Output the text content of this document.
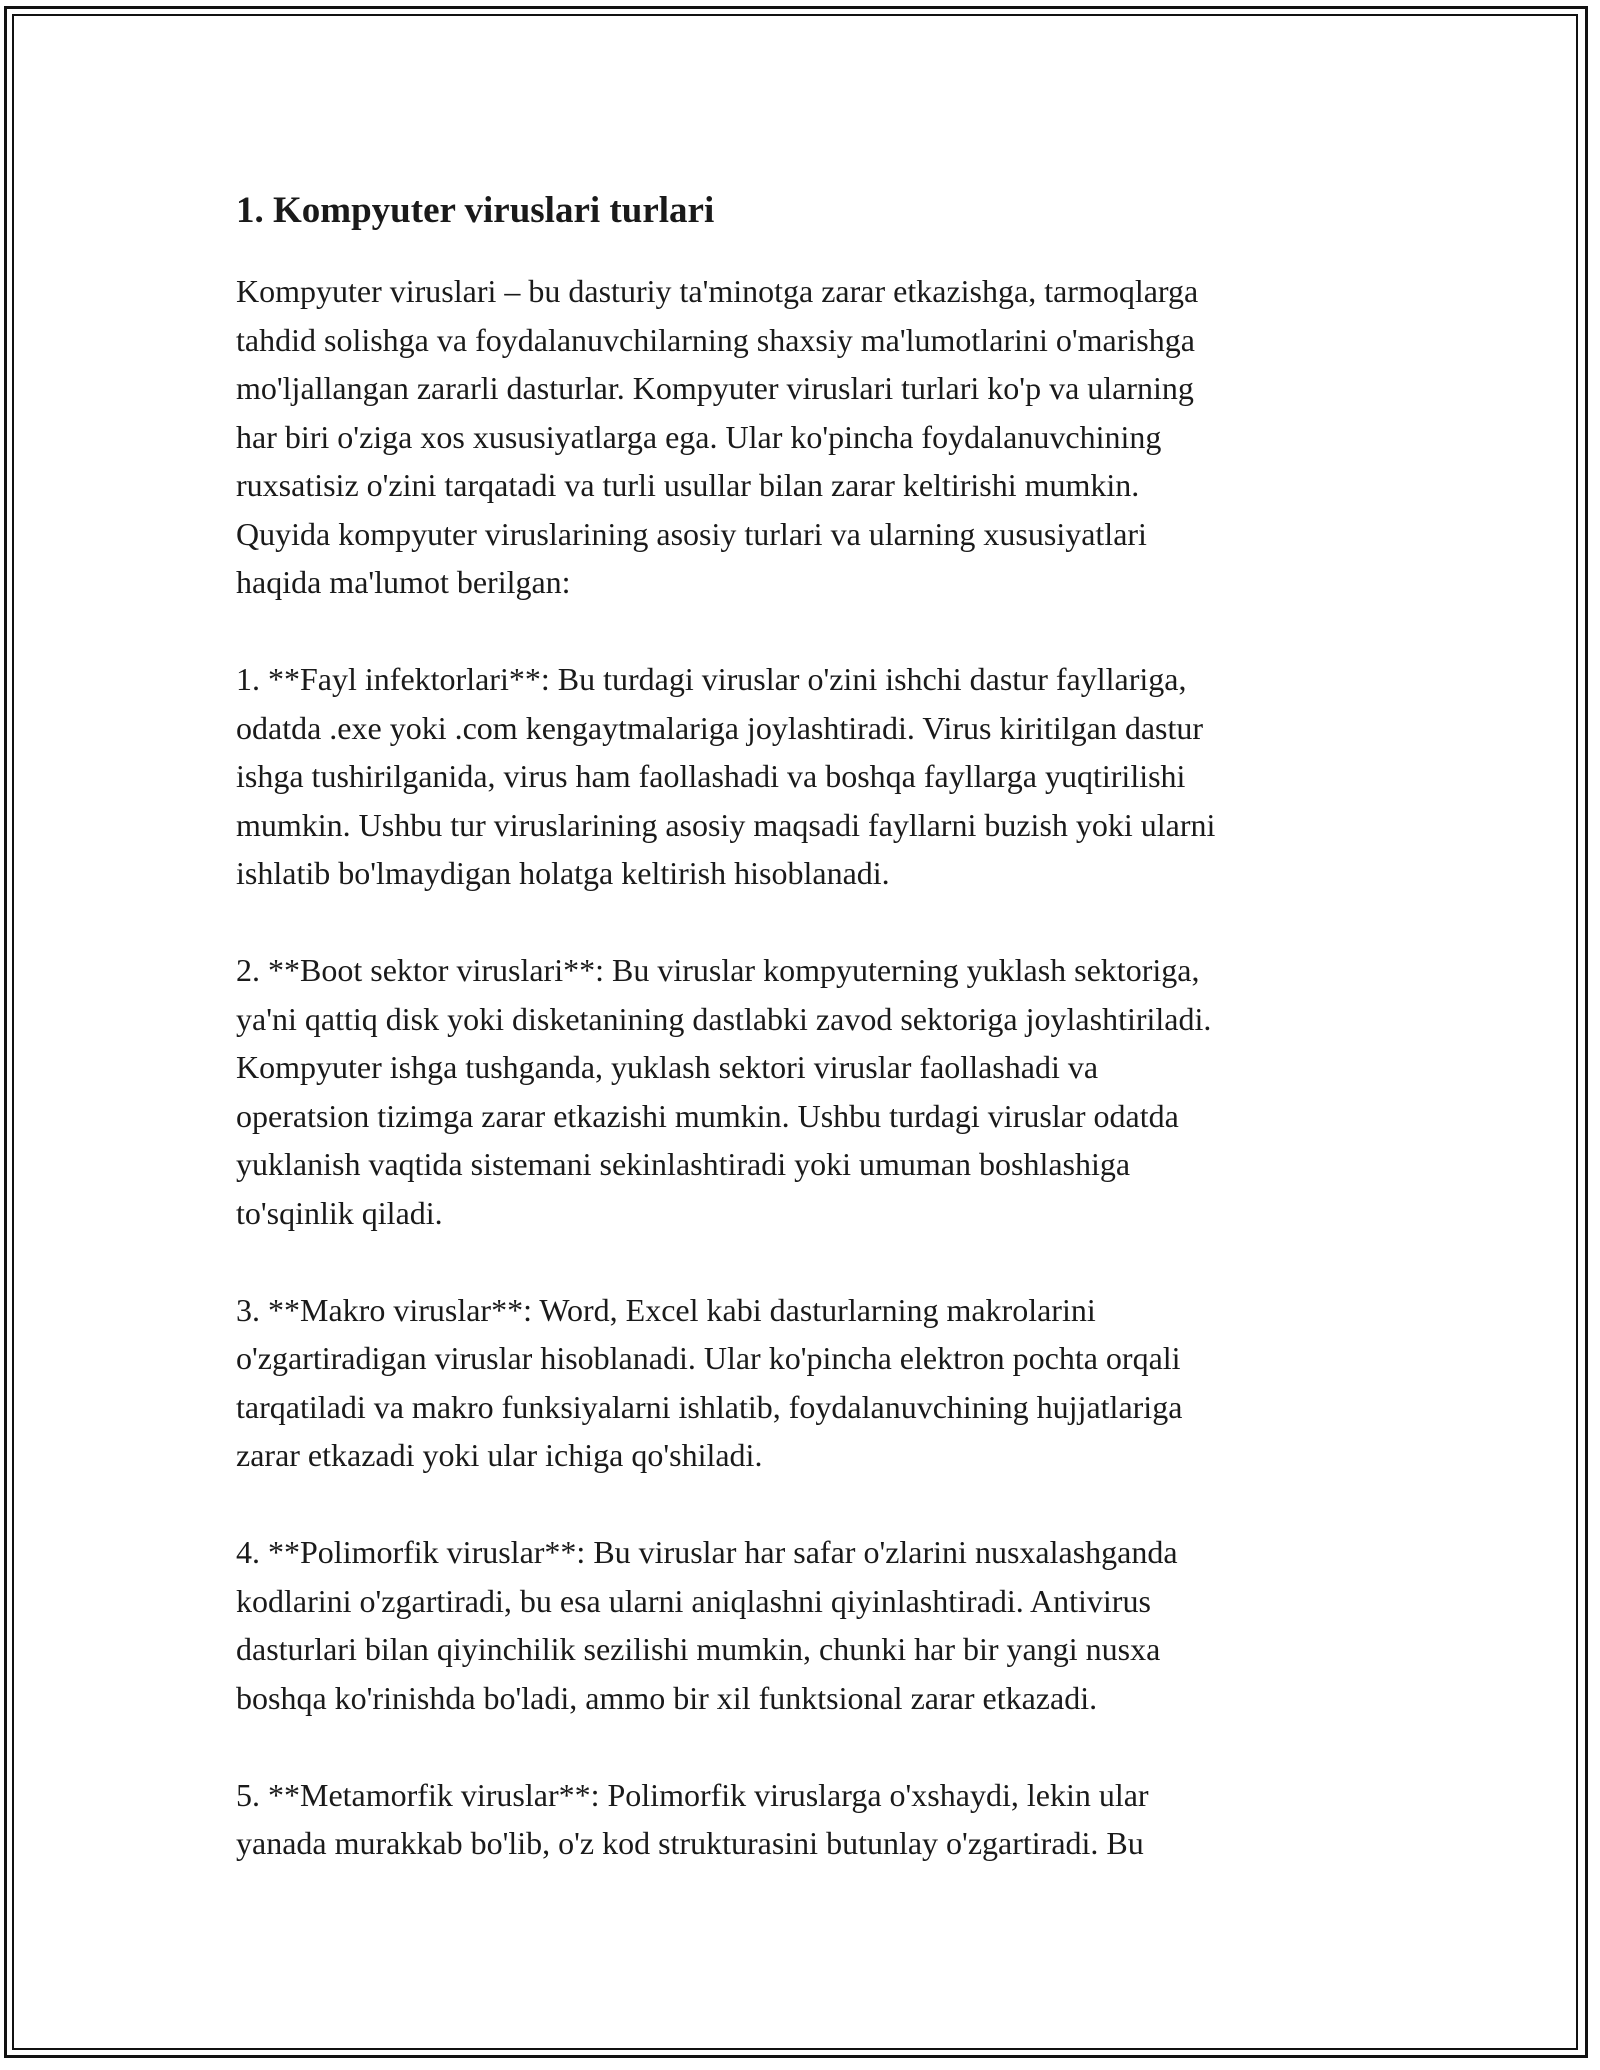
1. Kompyuter viruslari turlari

Kompyuter viruslari – bu dasturiy ta'minotga zarar etkazishga, tarmoqlarga
tahdid solishga va foydalanuvchilarning shaxsiy ma'lumotlarini o'marishga
mo'ljallangan zararli dasturlar. Kompyuter viruslari turlari ko'p va ularning
har biri o'ziga xos xususiyatlarga ega. Ular ko'pincha foydalanuvchining
ruxsatisiz o'zini tarqatadi va turli usullar bilan zarar keltirishi mumkin.
Quyida kompyuter viruslarining asosiy turlari va ularning xususiyatlari
haqida ma'lumot berilgan:

1. **Fayl infektorlari**: Bu turdagi viruslar o'zini ishchi dastur fayllariga,
odatda .exe yoki .com kengaytmalariga joylashtiradi. Virus kiritilgan dastur
ishga tushirilganida, virus ham faollashadi va boshqa fayllarga yuqtirilishi
mumkin. Ushbu tur viruslarining asosiy maqsadi fayllarni buzish yoki ularni
ishlatib bo'lmaydigan holatga keltirish hisoblanadi.

2. **Boot sektor viruslari**: Bu viruslar kompyuterning yuklash sektoriga,
ya'ni qattiq disk yoki disketanining dastlabki zavod sektoriga joylashtiriladi.
Kompyuter ishga tushganda, yuklash sektori viruslar faollashadi va
operatsion tizimga zarar etkazishi mumkin. Ushbu turdagi viruslar odatda
yuklanish vaqtida sistemani sekinlashtiradi yoki umuman boshlashiga
to'sqinlik qiladi.

3. **Makro viruslar**: Word, Excel kabi dasturlarning makrolarini
o'zgartiradigan viruslar hisoblanadi. Ular ko'pincha elektron pochta orqali
tarqatiladi va makro funksiyalarni ishlatib, foydalanuvchining hujjatlariga
zarar etkazadi yoki ular ichiga qo'shiladi.

4. **Polimorfik viruslar**: Bu viruslar har safar o'zlarini nusxalashganda
kodlarini o'zgartiradi, bu esa ularni aniqlashni qiyinlashtiradi. Antivirus
dasturlari bilan qiyinchilik sezilishi mumkin, chunki har bir yangi nusxa
boshqa ko'rinishda bo'ladi, ammo bir xil funktsional zarar etkazadi.

5. **Metamorfik viruslar**: Polimorfik viruslarga o'xshaydi, lekin ular
yanada murakkab bo'lib, o'z kod strukturasini butunlay o'zgartiradi. Bu
